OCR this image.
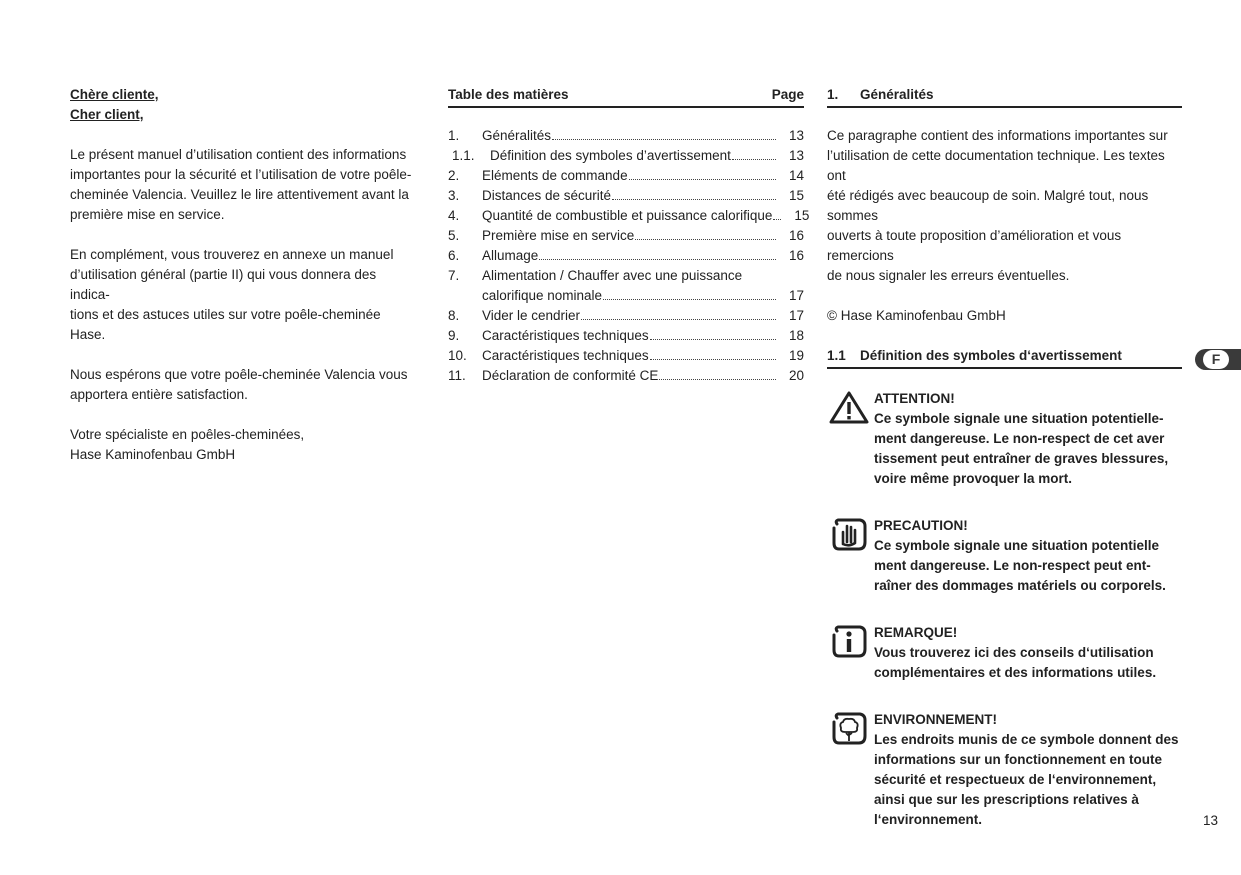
Chère cliente,
Cher client,

Le présent manuel d’utilisation contient des informations
importantes pour la sécurité et l’utilisation de votre poêle-
cheminée Valencia. Veuillez le lire attentivement avant la
première mise en service.

En complément, vous trouverez en annexe un manuel
d’utilisation général (partie II) qui vous donnera des indica-
tions et des astuces utiles sur votre poêle-cheminée Hase.

Nous espérons que votre poêle-cheminée Valencia vous
apportera entière satisfaction.

Votre spécialiste en poêles-cheminées,
Hase Kaminofenbau GmbH

Table des matières	Page
1.	Généralités	13
1.1.	Définition des symboles d’avertissement	13
2.	Eléments de commande	14
3.	Distances de sécurité	15
4.	Quantité de combustible et puissance calorifique	15
5.	Première mise en service	16
6.	Allumage	16
7.	Alimentation / Chauffer avec une puissance
calorifique nominale	17
8.	Vider le cendrier	17
9.	Caractéristiques techniques	18
10.	Caractéristiques techniques	19
11.	Déclaration de conformité CE	20
1.	Généralités

Ce paragraphe contient des informations importantes sur
l’utilisation de cette documentation technique. Les textes ont
été rédigés avec beaucoup de soin. Malgré tout, nous sommes
ouverts à toute proposition d’amélioration et vous remercions
de nous signaler les erreurs éventuelles.

© Hase Kaminofenbau GmbH

1.1	Définition des symboles d‘avertissement
ATTENTION!
Ce symbole signale une situation potentielle-
ment dangereuse. Le non-respect de cet aver
tissement peut entraîner de graves blessures,
voire même provoquer la mort.
PRECAUTION!
Ce symbole signale une situation potentielle
ment dangereuse. Le non-respect peut ent-
raîner des dommages matériels ou corporels.
REMARQUE!
Vous trouverez ici des conseils d‘utilisation
complémentaires et des informations utiles.
ENVIRONNEMENT!
Les endroits munis de ce symbole donnent des
informations sur un fonctionnement en toute
sécurité et respectueux de l‘environnement,
ainsi que sur les prescriptions relatives à
l‘environnement.
F
13
